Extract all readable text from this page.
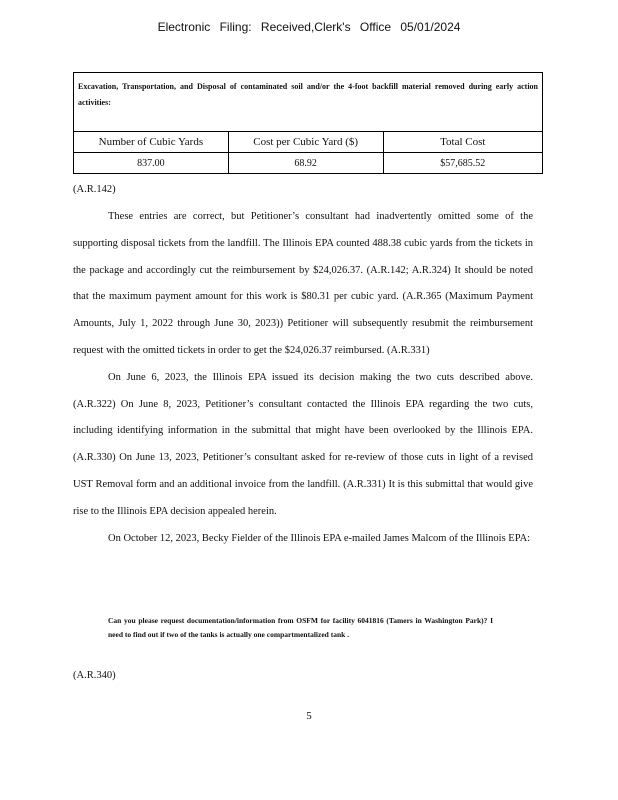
Electronic Filing: Received,Clerk's Office 05/01/2024
Excavation, Transportation, and Disposal of contaminated soil and/or the 4-foot backfill material removed during early action activities:		
Number of Cubic Yards	Cost per Cubic Yard ($)	Total Cost
837.00	68.92	$57,685.52
(A.R.142)

These entries are correct, but Petitioner’s consultant had inadvertently omitted some of the supporting disposal tickets from the landfill. The Illinois EPA counted 488.38 cubic yards from the tickets in the package and accordingly cut the reimbursement by $24,026.37. (A.R.142; A.R.324) It should be noted that the maximum payment amount for this work is $80.31 per cubic yard. (A.R.365 (Maximum Payment Amounts, July 1, 2022 through June 30, 2023)) Petitioner will subsequently resubmit the reimbursement request with the omitted tickets in order to get the $24,026.37 reimbursed. (A.R.331)

On June 6, 2023, the Illinois EPA issued its decision making the two cuts described above. (A.R.322) On June 8, 2023, Petitioner’s consultant contacted the Illinois EPA regarding the two cuts, including identifying information in the submittal that might have been overlooked by the Illinois EPA. (A.R.330) On June 13, 2023, Petitioner’s consultant asked for re-review of those cuts in light of a revised UST Removal form and an additional invoice from the landfill. (A.R.331) It is this submittal that would give rise to the Illinois EPA decision appealed herein.

On October 12, 2023, Becky Fielder of the Illinois EPA e-mailed James Malcom of the Illinois EPA:

Can you please request documentation/information from OSFM for facility 6041816 (Tamers in Washington Park)? I need to find out if two of the tanks is actually one compartmentalized tank .

(A.R.340)
5
